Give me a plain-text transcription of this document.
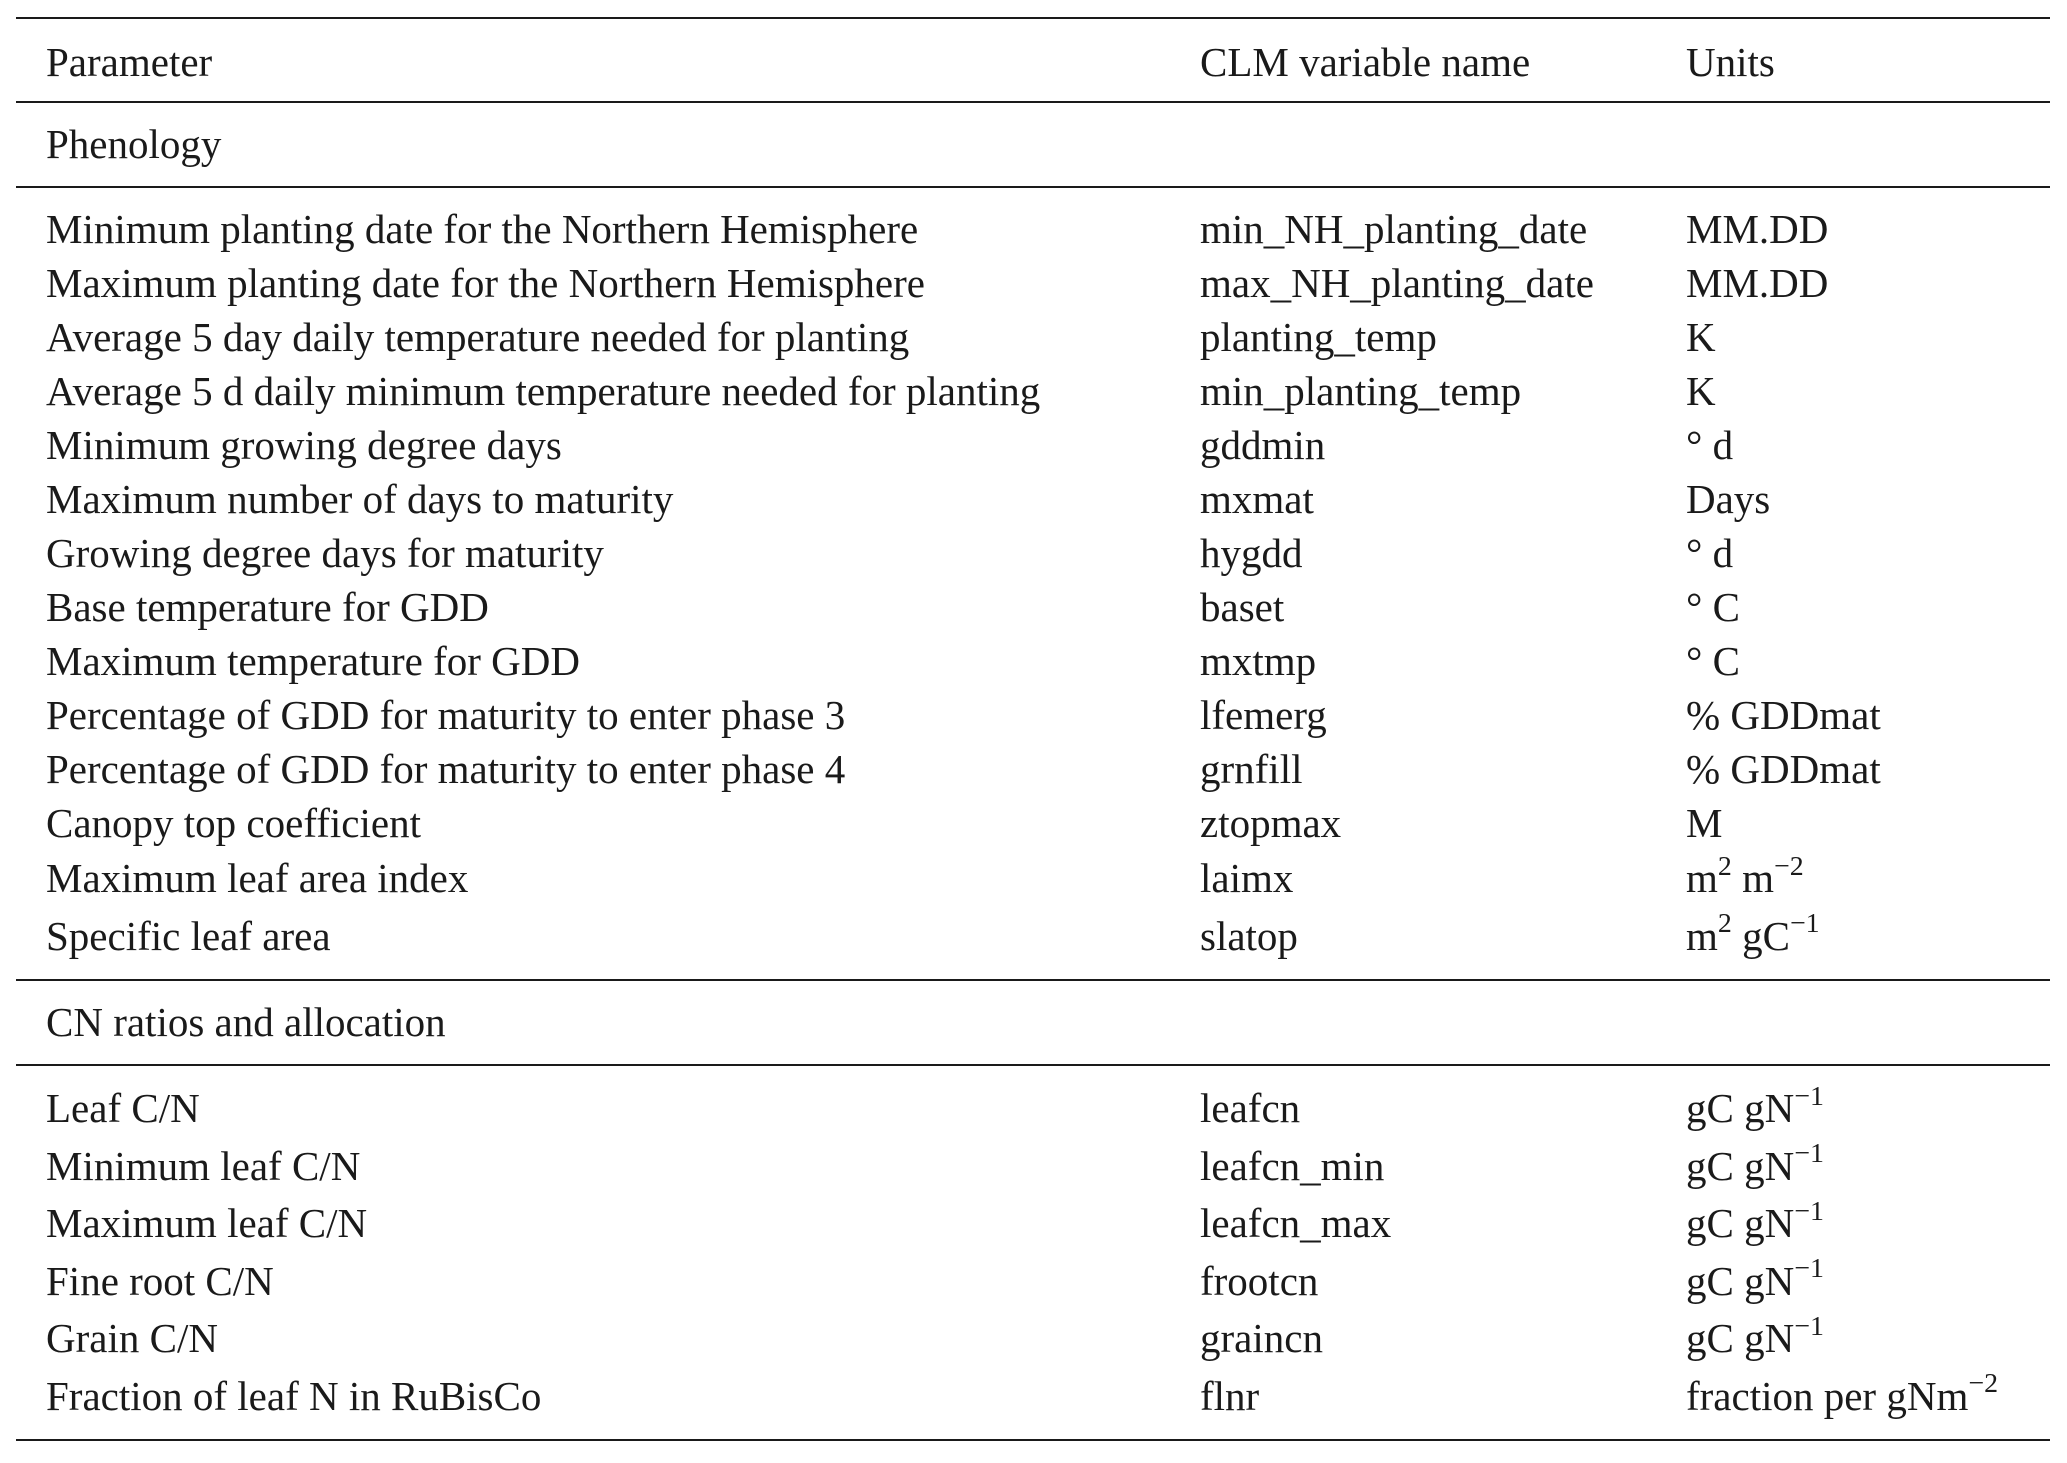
Parameter	CLM variable name	Units
Phenology		

Minimum planting date for the Northern Hemisphere	min_NH_planting_date	MM.DD
Maximum planting date for the Northern Hemisphere	max_NH_planting_date	MM.DD
Average 5 day daily temperature needed for planting	planting_temp	K
Average 5 d daily minimum temperature needed for planting	min_planting_temp	K
Minimum growing degree days	gddmin	° d
Maximum number of days to maturity	mxmat	Days
Growing degree days for maturity	hygdd	° d
Base temperature for GDD	baset	° C
Maximum temperature for GDD	mxtmp	° C
Percentage of GDD for maturity to enter phase 3	lfemerg	% GDDmat
Percentage of GDD for maturity to enter phase 4	grnfill	% GDDmat
Canopy top coefficient	ztopmax	M
Maximum leaf area index	laimx	$m^2$ $m^{-2}$
Specific leaf area	slatop	$m^2$ $gC^{-1}$

CN ratios and allocation		

Leaf C/N	leafcn	gC $gN^{-1}$
Minimum leaf C/N	leafcn_min	gC $gN^{-1}$
Maximum leaf C/N	leafcn_max	gC $gN^{-1}$
Fine root C/N	frootcn	gC $gN^{-1}$
Grain C/N	graincn	gC $gN^{-1}$
Fraction of leaf N in RuBisCo	flnr	fraction per gNm$^{-2}$
